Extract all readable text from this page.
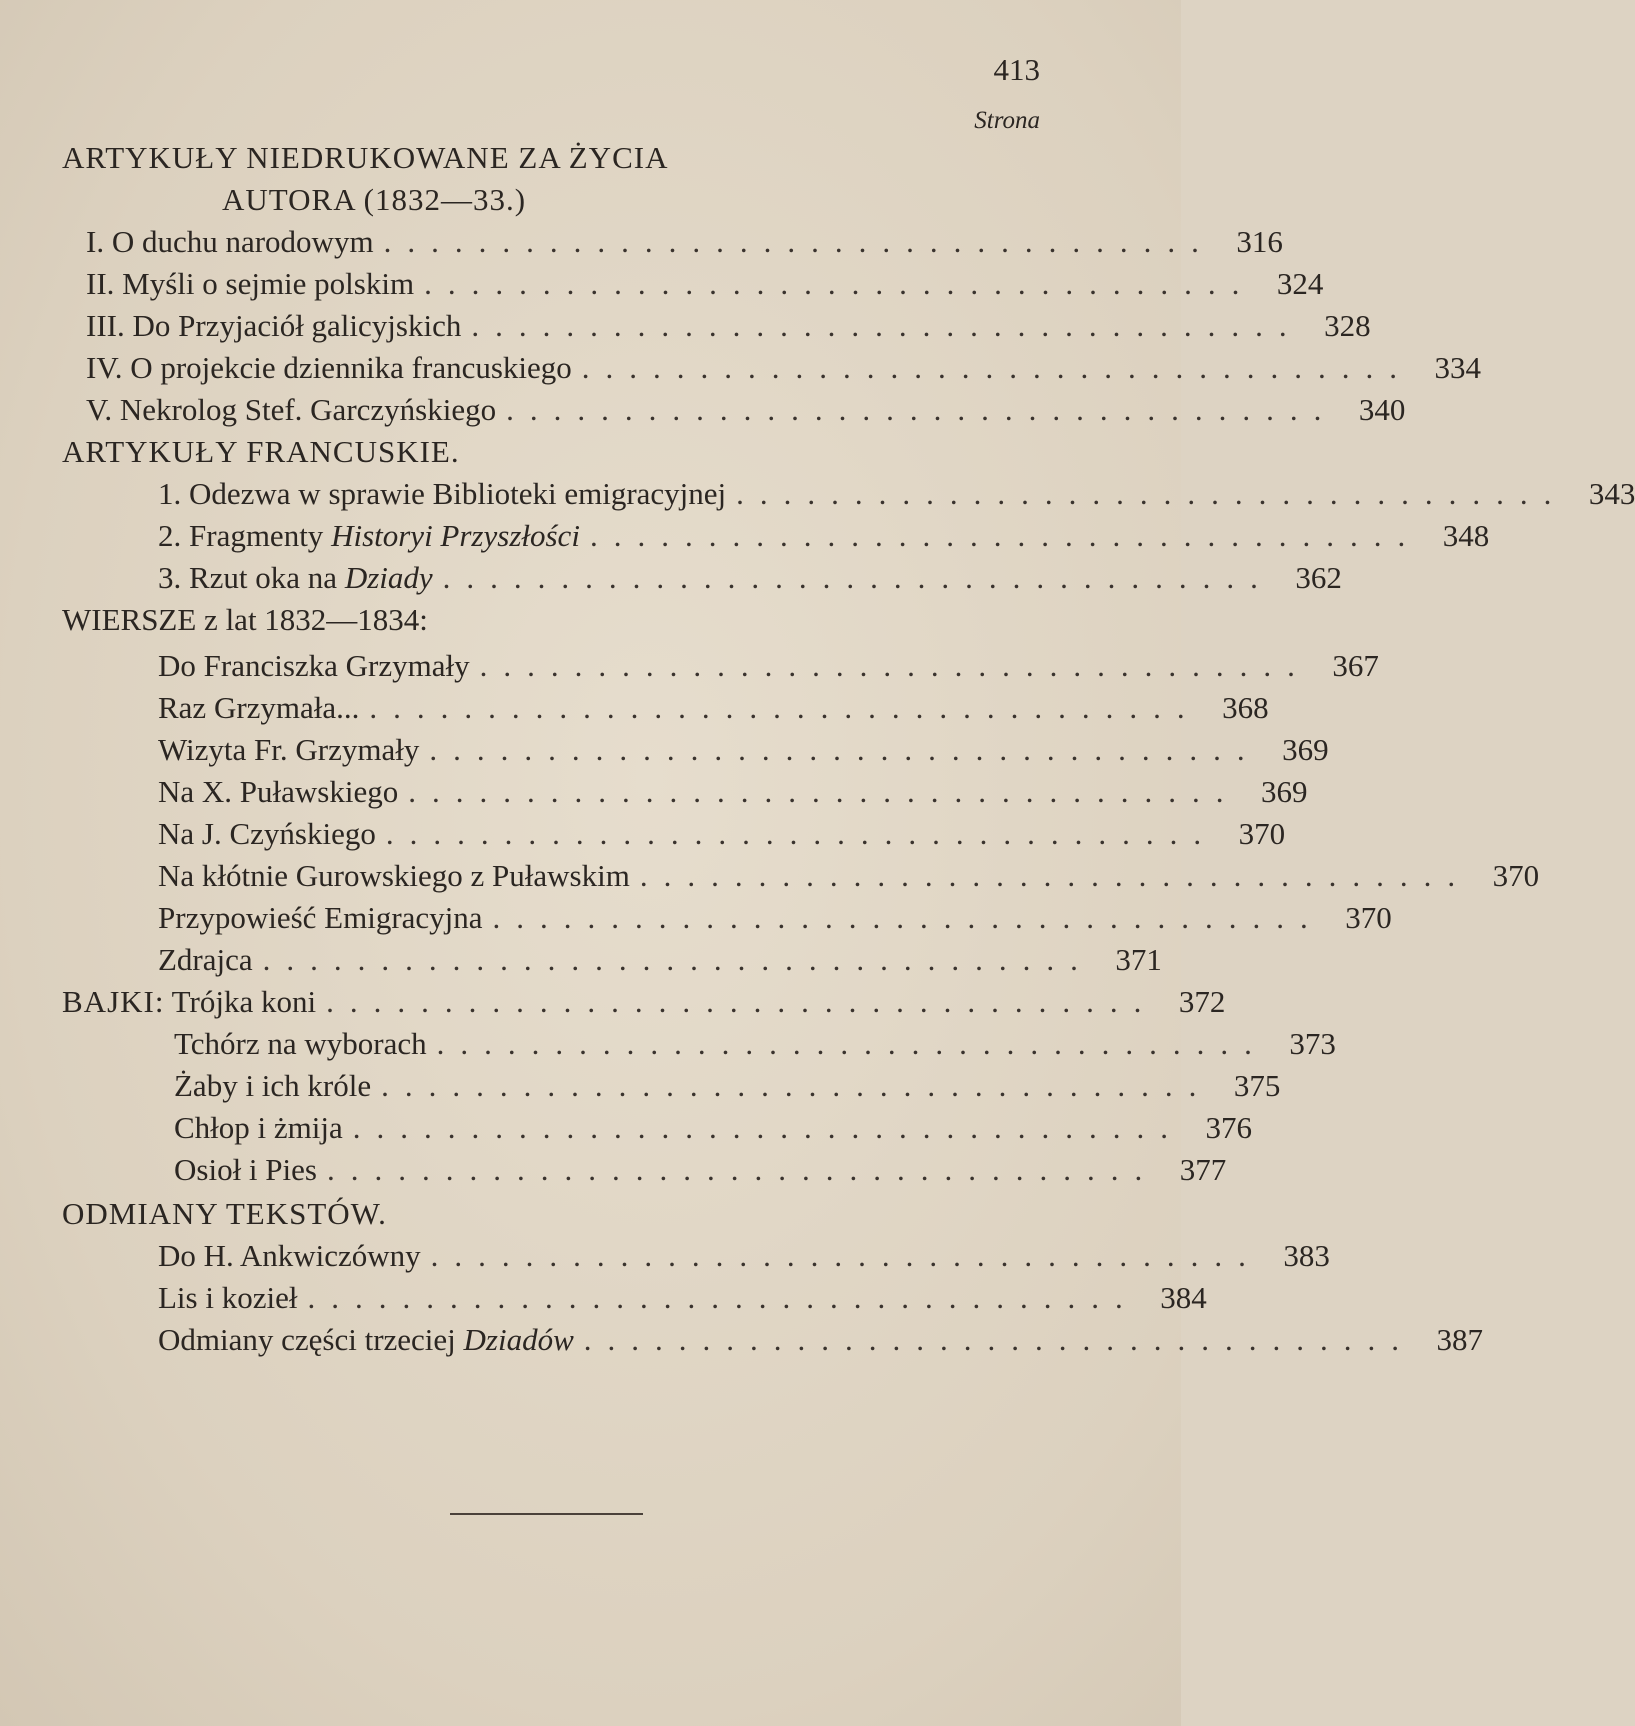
413
Strona
ARTYKUŁY NIEDRUKOWANE ZA ŻYCIA
AUTORA (1832—33.)
I. O duchu narodowym ................................... 316
II. Myśli o sejmie polskim ................................... 324
III. Do Przyjaciół galicyjskich ................................... 328
IV. O projekcie dziennika francuskiego ................................... 334
V. Nekrolog Stef. Garczyńskiego ................................... 340
ARTYKUŁY FRANCUSKIE.
1. Odezwa w sprawie Biblioteki emigracyjnej ................................... 343
2. Fragmenty Historyi Przyszłości ................................... 348
3. Rzut oka na Dziady ................................... 362
WIERSZE z lat 1832—1834:
Do Franciszka Grzymały ................................... 367
Raz Grzymała... ................................... 368
Wizyta Fr. Grzymały ................................... 369
Na X. Puławskiego ................................... 369
Na J. Czyńskiego ................................... 370
Na kłótnie Gurowskiego z Puławskim ................................... 370
Przypowieść Emigracyjna ................................... 370
Zdrajca ................................... 371
BAJKI: Trójka koni ................................... 372
Tchórz na wyborach ................................... 373
Żaby i ich króle ................................... 375
Chłop i żmija ................................... 376
Osioł i Pies ................................... 377
ODMIANY TEKSTÓW.
Do H. Ankwiczówny ................................... 383
Lis i kozieł ................................... 384
Odmiany części trzeciej Dziadów ................................... 387
